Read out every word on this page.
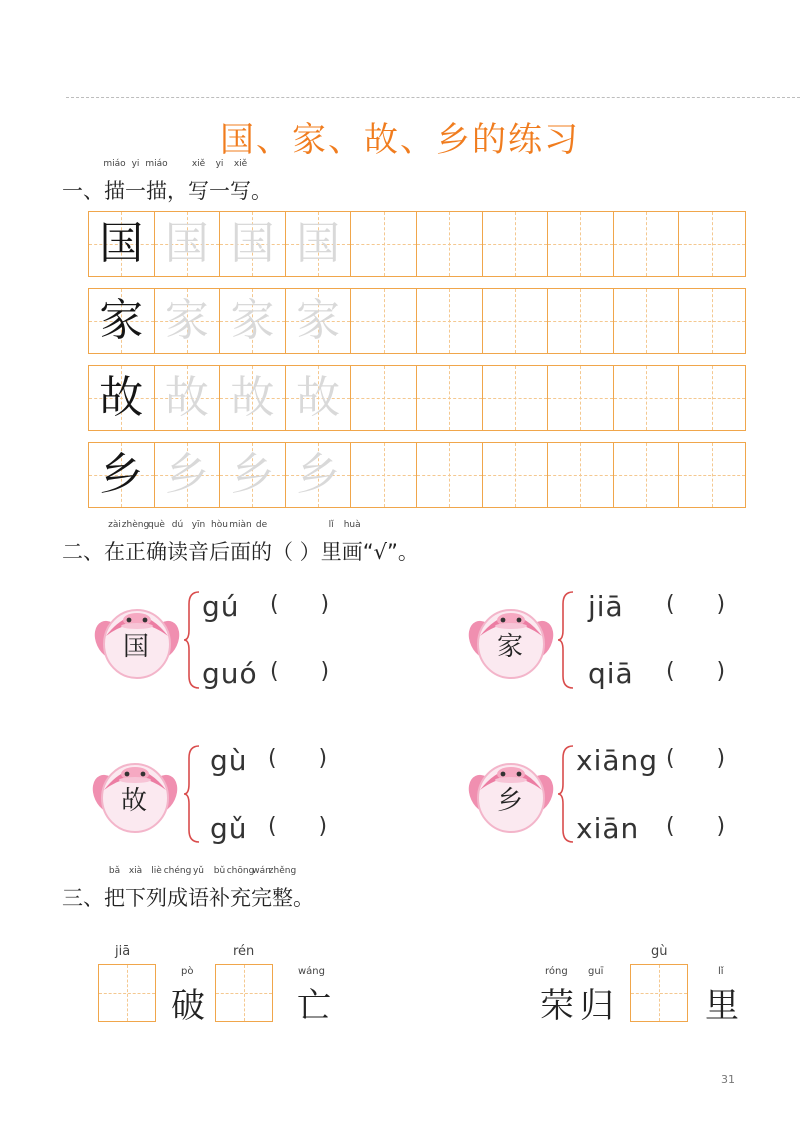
国、家、故、乡的练习
一、描
miáo
一
yi
描
miáo
，写
xiě
一
yi
写
xiě
。
国 国 国 国
家 家 家 家
故 故 故 故
乡 乡 乡 乡
二、在
zài
正
zhèng
确
què
读
dú
音
yīn
后
hòu
面
miàn
的
de
（ ）里
lǐ
画
huà
“√”。
国
gú (      )
guó (      )
家
jiā (      )
qiā (      )
故
gù (      )
gǔ (      )
乡
xiāng (      )
xiān (      )
三、把
bǎ
下
xià
列
liè
成
chéng
语
yǔ
补
bǔ
充
chōng
完
wán
整
zhěng
。
jiā
pò
破
rén
wáng
亡
róng guī
荣 归
gù
lǐ
里
31
